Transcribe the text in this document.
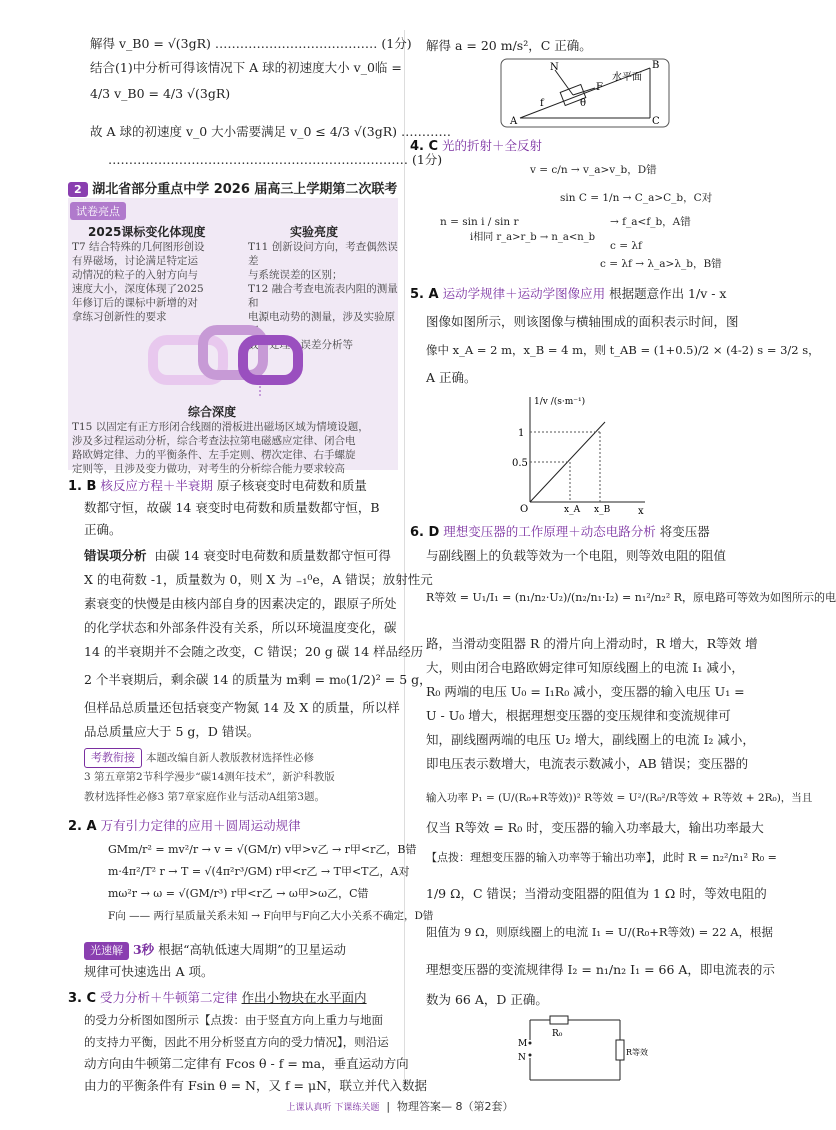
解得 v_B0 = √(3gR) ………………………………… (1分)
结合(1)中分析可得该情况下 A 球的初速度大小 v_0临 =
4/3 v_B0 = 4/3 √(3gR)
故 A 球的初速度 v_0 大小需要满足 v_0 ≤ 4/3 √(3gR) …………
……………………………………………………………… (1分)
2 湖北省部分重点中学 2026 届高三上学期第二次联考
试卷亮点
2025课标变化体现度
T7 结合特殊的几何图形创设
有界磁场，讨论满足特定运
动情况的粒子的入射方向与
速度大小，深度体现了2025
年修订后的课标中新增的对
拿练习创新性的要求
实验亮度
T11 创新设问方向，考查偶然误差
与系统误差的区别；
T12 融合考查电流表内阻的测量和
电源电动势的测量，涉及实验原理、
数据处理、误差分析等
综合深度
T15 以固定有正方形闭合线圈的滑板进出磁场区域为情境设题，
涉及多过程运动分析，综合考查法拉第电磁感应定律、闭合电
路欧姆定律、力的平衡条件、左手定则、楞次定律、右手螺旋
定则等，且涉及变力做功，对考生的分析综合能力要求较高
1. B 核反应方程＋半衰期 原子核衰变时电荷数和质量
数都守恒，故碳 14 衰变时电荷数和质量数都守恒，B
正确。
错误项分析 由碳 14 衰变时电荷数和质量数都守恒可得
X 的电荷数 -1，质量数为 0，则 X 为 ₋₁⁰e，A 错误；放射性元
素衰变的快慢是由核内部自身的因素决定的，跟原子所处
的化学状态和外部条件没有关系，所以环境温度变化，碳
14 的半衰期并不会随之改变，C 错误；20 g 碳 14 样品经历
2 个半衰期后，剩余碳 14 的质量为 m剩 = m₀(1/2)² = 5 g，
但样品总质量还包括衰变产物氮 14 及 X 的质量，所以样
品总质量应大于 5 g，D 错误。
考教衔接 本题改编自新人教版教材选择性必修
3 第五章第2节科学漫步“碳14测年技术”，新沪科教版
教材选择性必修3 第7章家庭作业与活动A组第3题。
2. A 万有引力定律的应用＋圆周运动规律
GMm/r² = mv²/r → v = √(GM/r) v甲>v乙 → r甲<r乙，B错
m·4π²/T² r → T = √(4π²r³/GM) r甲<r乙 → T甲<T乙，A对
mω²r → ω = √(GM/r³) r甲<r乙 → ω甲>ω乙，C错
F向 —— 两行星质量关系未知 → F向甲与F向乙大小关系不确定，D错
光速解 3秒 根据“高轨低速大周期”的卫星运动
规律可快速选出 A 项。
3. C 受力分析＋牛顿第二定律 作出小物块在水平面内
的受力分析图如图所示【点拨：由于竖直方向上重力与地面
的支持力平衡，因此不用分析竖直方向的受力情况】，则沿运
动方向由牛顿第二定律有 Fcos θ - f = ma，垂直运动方向
由力的平衡条件有 Fsin θ = N，又 f = μN，联立并代入数据
解得 a = 20 m/s²，C 正确。
A
B
C
N
F
f	θ
水平面
4. C 光的折射＋全反射
v = c/n → v_a>v_b，D错
sin C = 1/n → C_a>C_b，C对
n = sin i / sin r
i相同 r_a>r_b → n_a<n_b
→ f_a<f_b，A错
c = λf
c = λf → λ_a>λ_b，B错
5. A 运动学规律＋运动学图像应用 根据题意作出 1/v - x
图像如图所示，则该图像与横轴围成的面积表示时间，图
像中 x_A = 2 m，x_B = 4 m，则 t_AB = (1+0.5)/2 × (4-2) s = 3/2 s，
A 正确。
1/v /(s·m⁻¹)
x
O
1
0.5
x_A x_B
6. D 理想变压器的工作原理＋动态电路分析 将变压器
与副线圈上的负载等效为一个电阻，则等效电阻的阻值
R等效 = U₁/I₁ = (n₁/n₂·U₂)/(n₂/n₁·I₂) = n₁²/n₂² R，原电路可等效为如图所示的电
路，当滑动变阻器 R 的滑片向上滑动时，R 增大，R等效 增
大，则由闭合电路欧姆定律可知原线圈上的电流 I₁ 减小，
R₀ 两端的电压 U₀ = I₁R₀ 减小，变压器的输入电压 U₁ =
U - U₀ 增大，根据理想变压器的变压规律和变流规律可
知，副线圈两端的电压 U₂ 增大，副线圈上的电流 I₂ 减小，
即电压表示数增大，电流表示数减小，AB 错误；变压器的
输入功率 P₁ = (U/(R₀+R等效))² R等效 = U²/(R₀²/R等效 + R等效 + 2R₀)，当且
仅当 R等效 = R₀ 时，变压器的输入功率最大，输出功率最大
【点拨：理想变压器的输入功率等于输出功率】，此时 R = n₂²/n₁² R₀ =
1/9 Ω，C 错误；当滑动变阻器的阻值为 1 Ω 时，等效电阻的
阻值为 9 Ω，则原线圈上的电流 I₁ = U/(R₀+R等效) = 22 A，根据
理想变压器的变流规律得 I₂ = n₁/n₂ I₁ = 66 A，即电流表的示
数为 66 A，D 正确。
R₀
R等效
M
N
上课认真听 下课练关题  |  物理答案— 8（第2套）
